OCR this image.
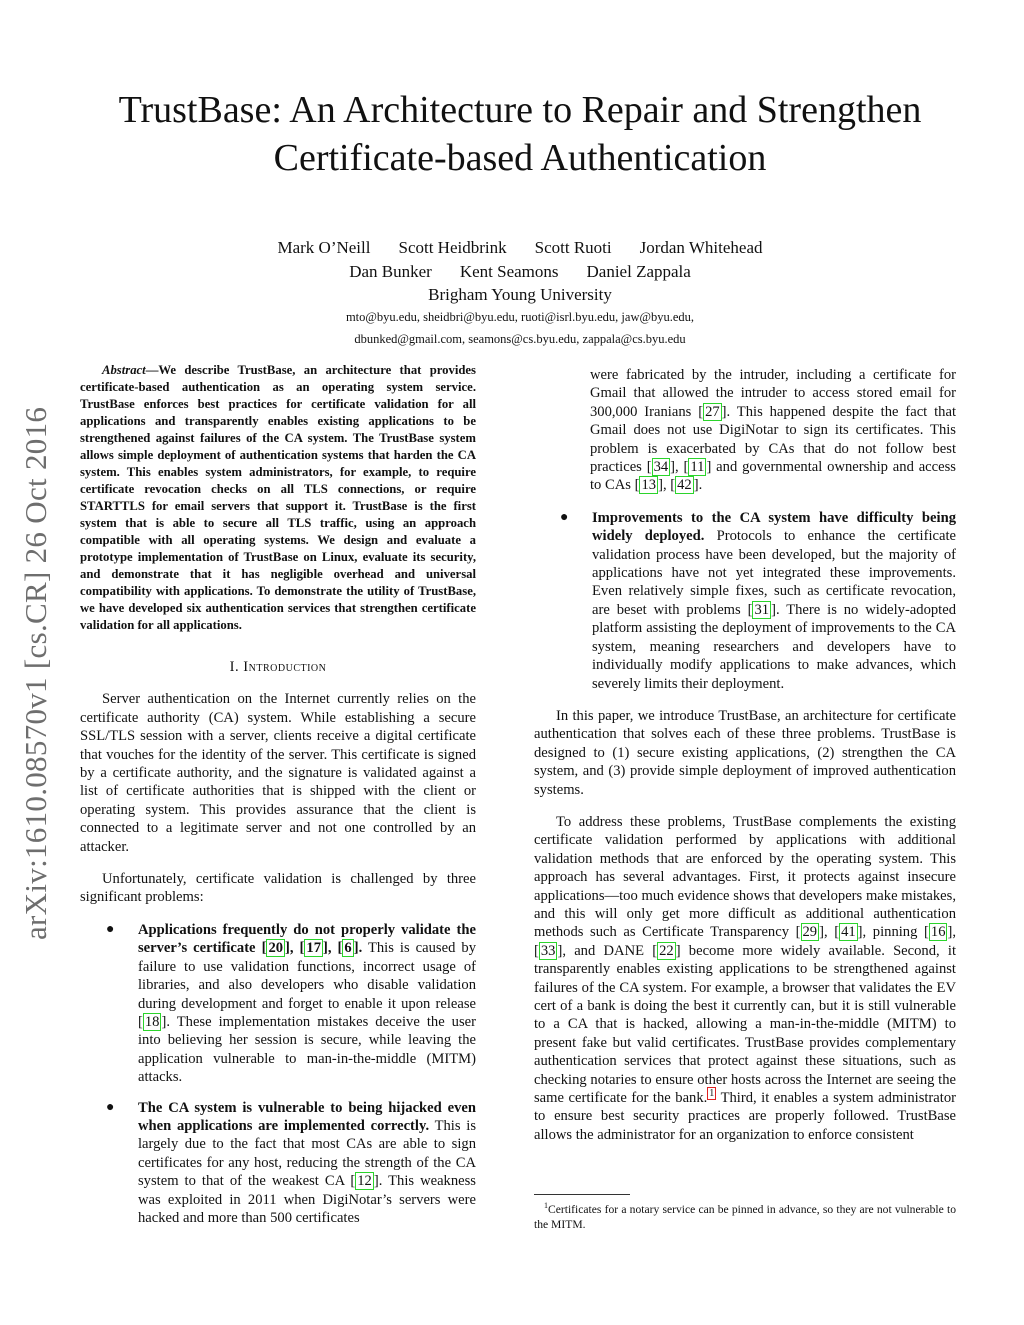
arXiv:1610.08570v1 [cs.CR] 26 Oct 2016
TrustBase: An Architecture to Repair and Strengthen
Certificate-based Authentication
Mark O’Neill Scott Heidbrink Scott Ruoti Jordan Whitehead
Dan Bunker Kent Seamons Daniel Zappala
Brigham Young University
mto@byu.edu, sheidbri@byu.edu, ruoti@isrl.byu.edu, jaw@byu.edu,
dbunked@gmail.com, seamons@cs.byu.edu, zappala@cs.byu.edu

Abstract—We describe TrustBase, an architecture that provides certificate-based authentication as an operating system service. TrustBase enforces best practices for certificate validation for all applications and transparently enables existing applications to be strengthened against failures of the CA system. The TrustBase system allows simple deployment of authentication systems that harden the CA system. This enables system administrators, for example, to require certificate revocation checks on all TLS connections, or require STARTTLS for email servers that support it. TrustBase is the first system that is able to secure all TLS traffic, using an approach compatible with all operating systems. We design and evaluate a prototype implementation of TrustBase on Linux, evaluate its security, and demonstrate that it has negligible overhead and universal compatibility with applications. To demonstrate the utility of TrustBase, we have developed six authentication services that strengthen certificate validation for all applications.

I. Introduction

Server authentication on the Internet currently relies on the certificate authority (CA) system. While establishing a secure SSL/TLS session with a server, clients receive a digital certificate that vouches for the identity of the server. This certificate is signed by a certificate authority, and the signature is validated against a list of certificate authorities that is shipped with the client or operating system. This provides assurance that the client is connected to a legitimate server and not one controlled by an attacker.

Unfortunately, certificate validation is challenged by three significant problems:

● Applications frequently do not properly validate the server’s certificate [ 20 ], [ 17 ], [ 6 ]. This is caused by failure to use validation functions, incorrect usage of libraries, and also developers who disable validation during development and forget to enable it upon release [ 18 ]. These implementation mistakes deceive the user into believing her session is secure, while leaving the application vulnerable to man-in-the-middle (MITM) attacks.
● The CA system is vulnerable to being hijacked even when applications are implemented correctly. This is largely due to the fact that most CAs are able to sign certificates for any host, reducing the strength of the CA system to that of the weakest CA [ 12 ]. This weakness was exploited in 2011 when DigiNotar’s servers were hacked and more than 500 certificates

were fabricated by the intruder, including a certificate for Gmail that allowed the intruder to access stored email for 300,000 Iranians [ 27 ]. This happened despite the fact that Gmail does not use DigiNotar to sign its certificates. This problem is exacerbated by CAs that do not follow best practices [ 34 ], [ 11 ] and governmental ownership and access to CAs [ 13 ], [ 42 ].

● Improvements to the CA system have difficulty being widely deployed. Protocols to enhance the certificate validation process have been developed, but the majority of applications have not yet integrated these improvements. Even relatively simple fixes, such as certificate revocation, are beset with problems [ 31 ]. There is no widely-adopted platform assisting the deployment of improvements to the CA system, meaning researchers and developers have to individually modify applications to make advances, which severely limits their deployment.

In this paper, we introduce TrustBase, an architecture for certificate authentication that solves each of these three problems. TrustBase is designed to (1) secure existing applications, (2) strengthen the CA system, and (3) provide simple deployment of improved authentication systems.

To address these problems, TrustBase complements the existing certificate validation performed by applications with additional validation methods that are enforced by the operating system. This approach has several advantages. First, it protects against insecure applications—too much evidence shows that developers make mistakes, and this will only get more difficult as additional authentication methods such as Certificate Transparency [ 29 ], [ 41 ], pinning [ 16 ], [ 33 ], and DANE [ 22 ] become more widely available. Second, it transparently enables existing applications to be strengthened against failures of the CA system. For example, a browser that validates the EV cert of a bank is doing the best it currently can, but it is still vulnerable to a CA that is hacked, allowing a man-in-the-middle (MITM) to present fake but valid certificates. TrustBase provides complementary authentication services that protect against these situations, such as checking notaries to ensure other hosts across the Internet are seeing the same certificate for the bank. $^1$ Third, it enables a system administrator to ensure best security practices are properly followed. TrustBase allows the administrator for an organization to enforce consistent

$^1$Certificates for a notary service can be pinned in advance, so they are not vulnerable to the MITM.
